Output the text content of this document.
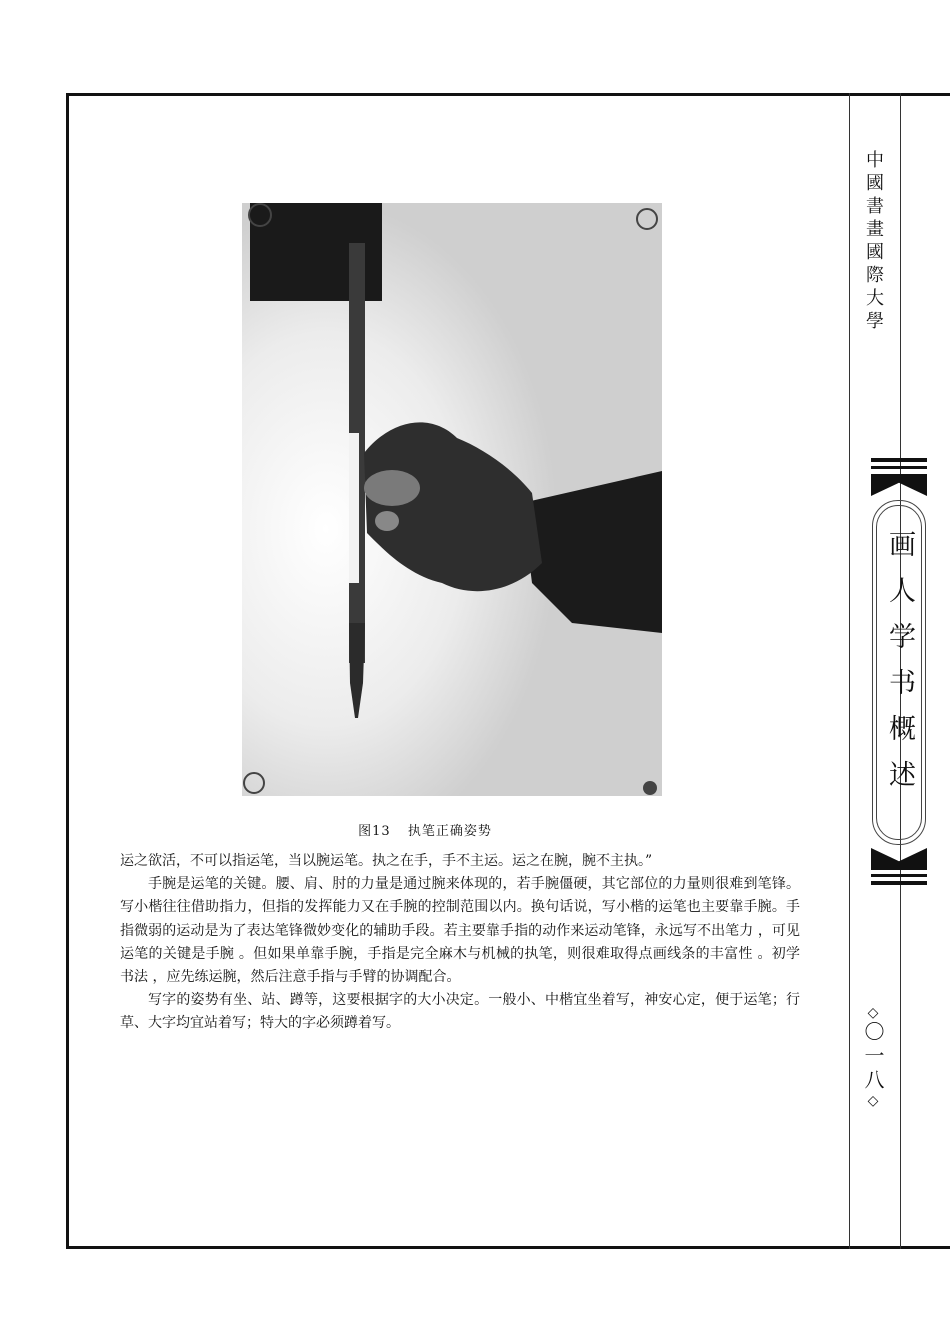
图13 执笔正确姿势

运之欲活，不可以指运笔，当以腕运笔。执之在手，手不主运。运之在腕，腕不主执。”

手腕是运笔的关键。腰、肩、肘的力量是通过腕来体现的，若手腕僵硬，其它部位的力量则很难到笔锋。写小楷往往借助指力，但指的发挥能力又在手腕的控制范围以内。换句话说，写小楷的运笔也主要靠手腕。手指微弱的运动是为了表达笔锋微妙变化的辅助手段。若主要靠手指的动作来运动笔锋，永远写不出笔力 ，可见运笔的关键是手腕 。但如果单靠手腕，手指是完全麻木与机械的执笔，则很难取得点画线条的丰富性 。初学书法 ，应先练运腕，然后注意手指与手臂的协调配合。

写字的姿势有坐、站、蹲等，这要根据字的大小决定。一般小、中楷宜坐着写，神安心定，便于运笔；行草、大字均宜站着写；特大的字必须蹲着写。

中國書畫國際大學
画人学书概述
◇〇一八◇
